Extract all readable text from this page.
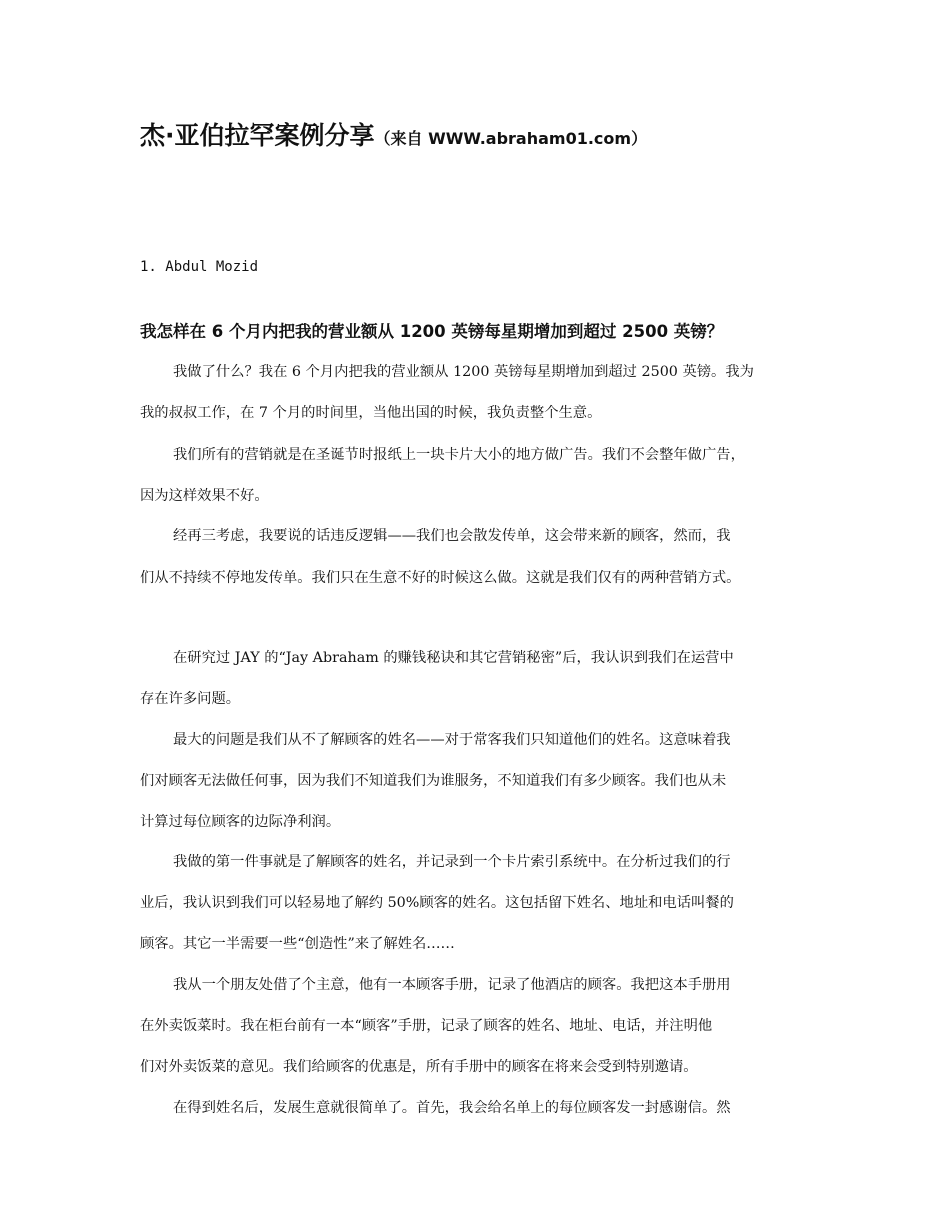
杰·亚伯拉罕案例分享（来自 WWW.abraham01.com）
1. Abdul Mozid
我怎样在 6 个月内把我的营业额从 1200 英镑每星期增加到超过 2500 英镑？
我做了什么？我在 6 个月内把我的营业额从 1200 英镑每星期增加到超过 2500 英镑。我为
我的叔叔工作，在 7 个月的时间里，当他出国的时候，我负责整个生意。
我们所有的营销就是在圣诞节时报纸上一块卡片大小的地方做广告。我们不会整年做广告，
因为这样效果不好。
经再三考虑，我要说的话违反逻辑——我们也会散发传单，这会带来新的顾客，然而，我
们从不持续不停地发传单。我们只在生意不好的时候这么做。这就是我们仅有的两种营销方式。
在研究过 JAY 的“Jay Abraham 的赚钱秘诀和其它营销秘密”后，我认识到我们在运营中
存在许多问题。
最大的问题是我们从不了解顾客的姓名——对于常客我们只知道他们的姓名。这意味着我
们对顾客无法做任何事，因为我们不知道我们为谁服务，不知道我们有多少顾客。我们也从未
计算过每位顾客的边际净利润。
我做的第一件事就是了解顾客的姓名，并记录到一个卡片索引系统中。在分析过我们的行
业后，我认识到我们可以轻易地了解约 50%顾客的姓名。这包括留下姓名、地址和电话叫餐的
顾客。其它一半需要一些“创造性”来了解姓名……
我从一个朋友处借了个主意，他有一本顾客手册，记录了他酒店的顾客。我把这本手册用
在外卖饭菜时。我在柜台前有一本“顾客”手册，记录了顾客的姓名、地址、电话，并注明他
们对外卖饭菜的意见。我们给顾客的优惠是，所有手册中的顾客在将来会受到特别邀请。
在得到姓名后，发展生意就很简单了。首先，我会给名单上的每位顾客发一封感谢信。然
